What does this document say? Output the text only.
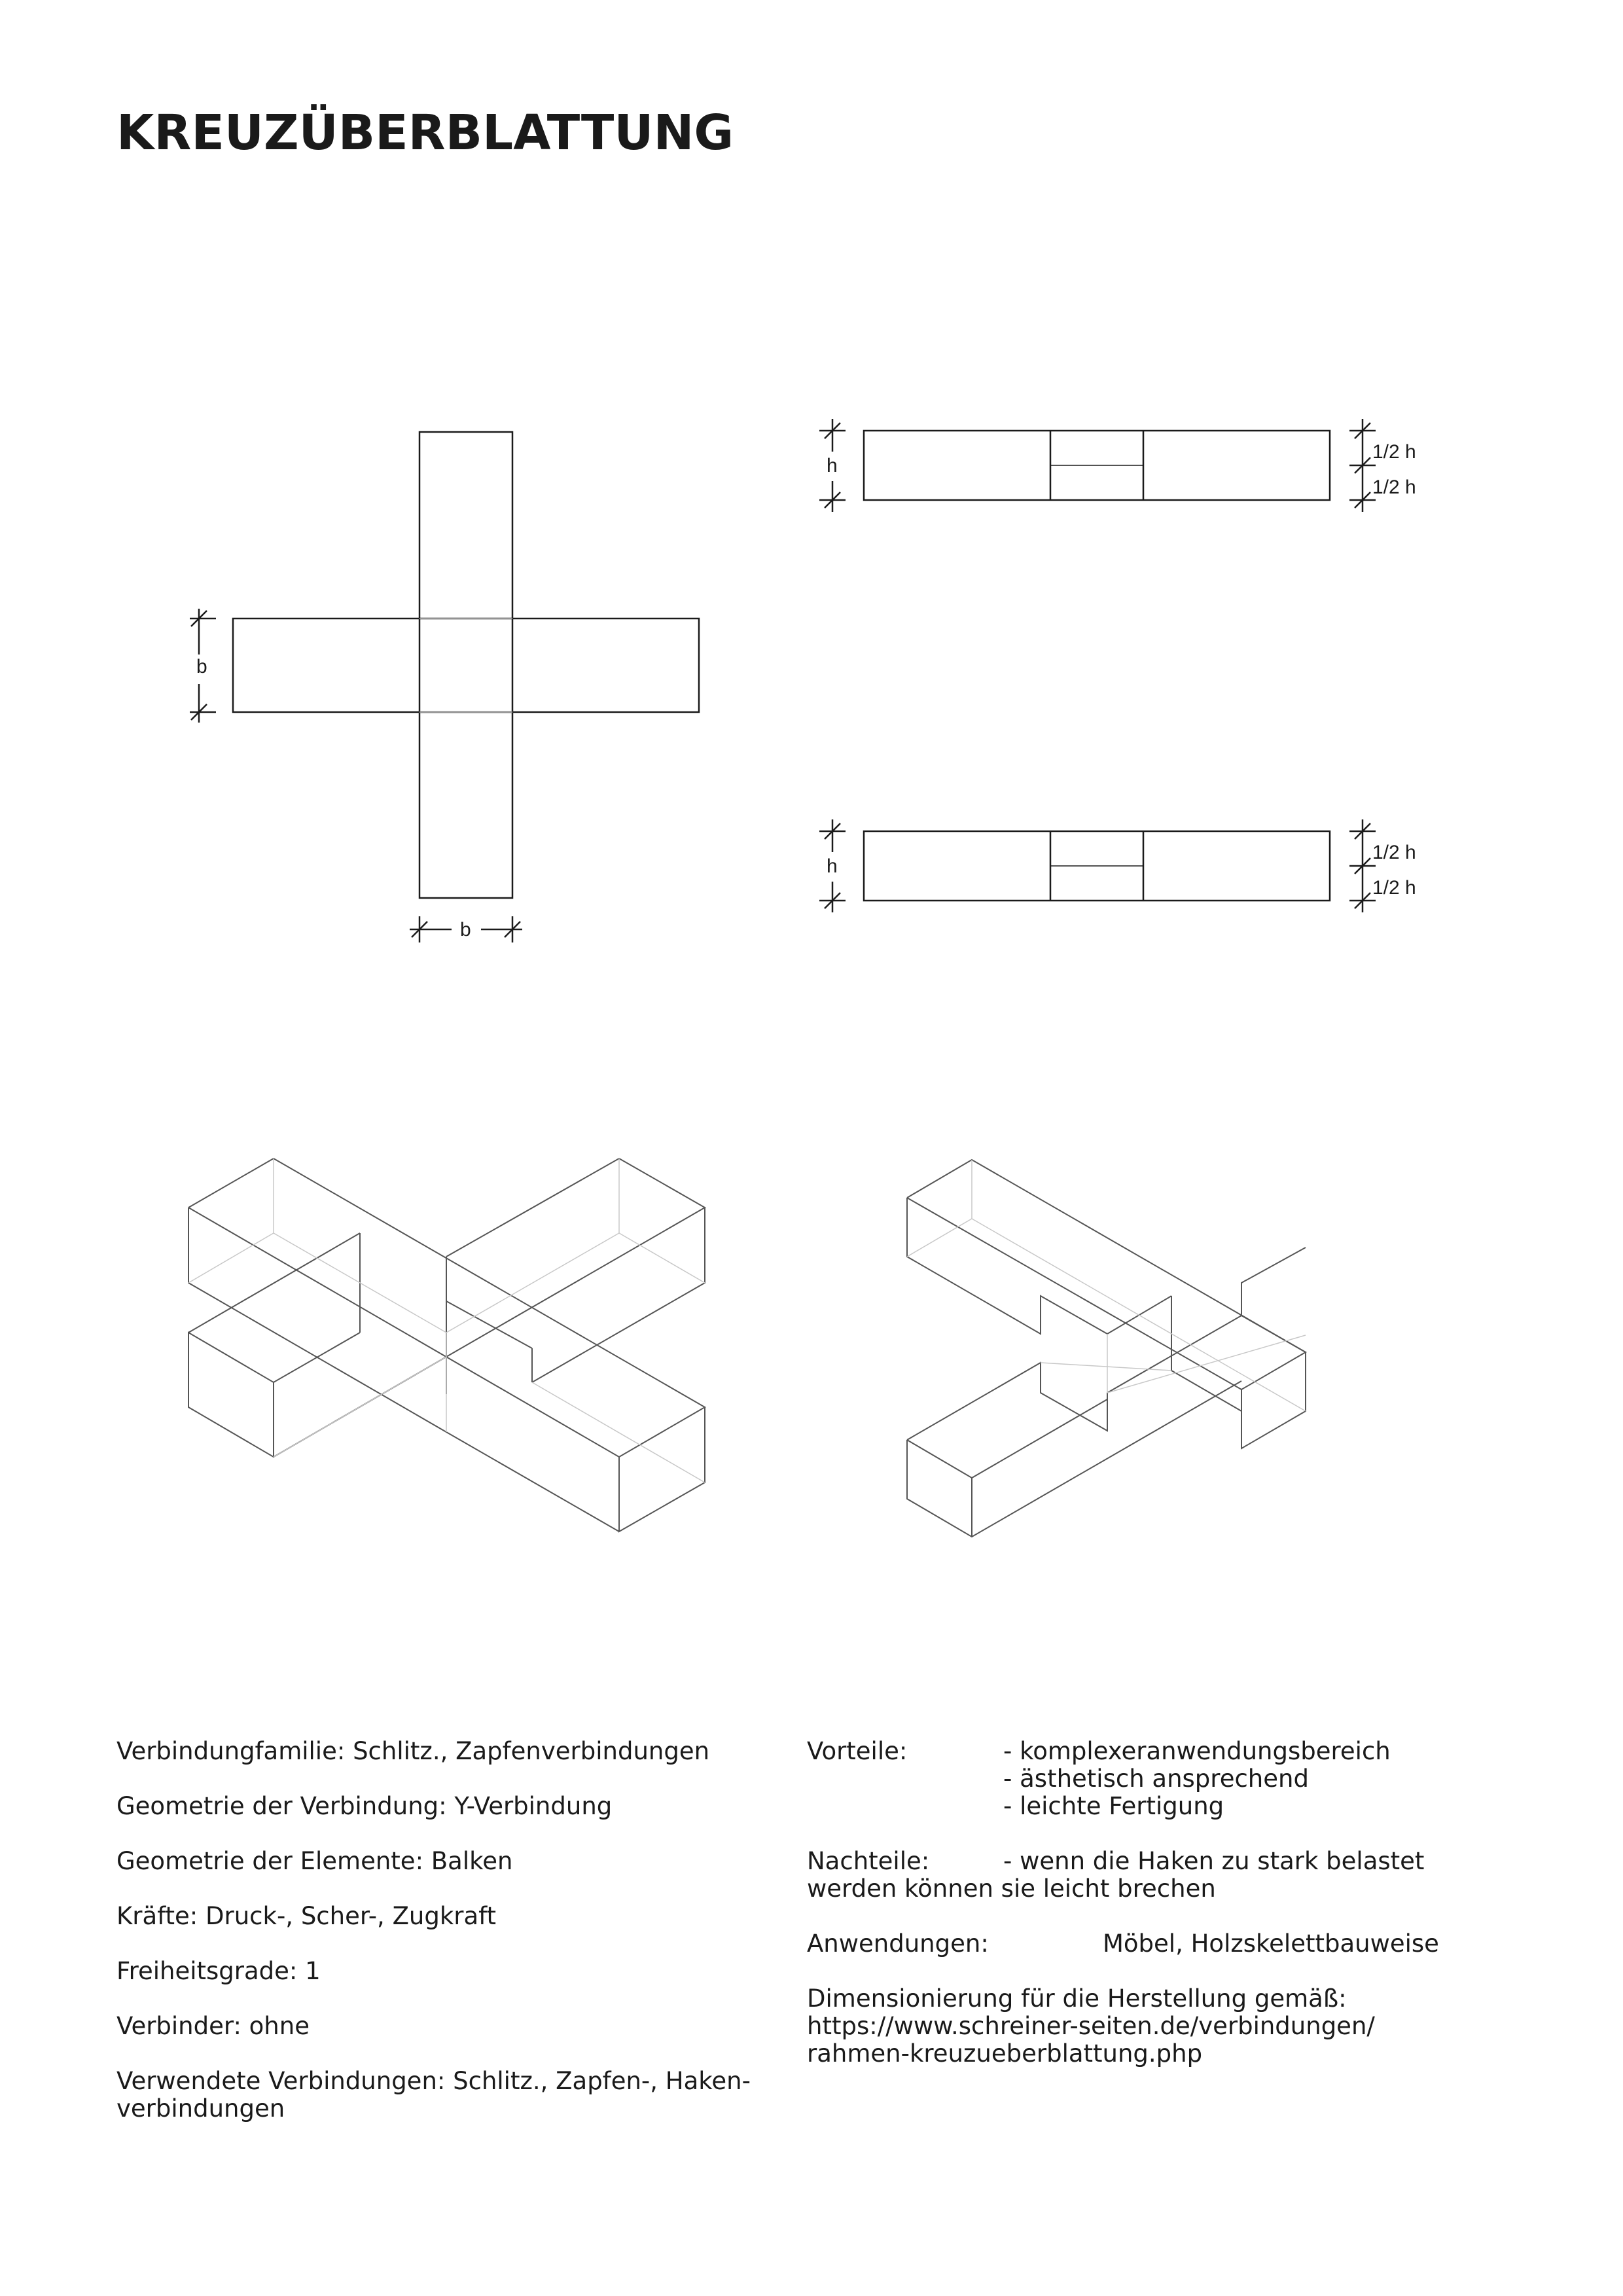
KREUZÜBERBLATTUNG
b
b
h
1/2 h
1/2 h
h
1/2 h
1/2 h
Verbindungfamilie: Schlitz., Zapfenverbindungen
Geometrie der Verbindung: Y-Verbindung
Geometrie der Elemente: Balken
Kräfte: Druck-, Scher-, Zugkraft
Freiheitsgrade: 1
Verbinder: ohne
Verwendete Verbindungen: Schlitz., Zapfen-, Haken-
verbindungen
Vorteile:	- komplexeranwendungsbereich
- ästhetisch ansprechend
- leichte Fertigung
Nachteile:	- wenn die Haken zu stark belastet
werden können sie leicht brechen
Anwendungen:	Möbel, Holzskelettbauweise
Dimensionierung für die Herstellung gemäß:
https://www.schreiner-seiten.de/verbindungen/
rahmen-kreuzueberblattung.php
